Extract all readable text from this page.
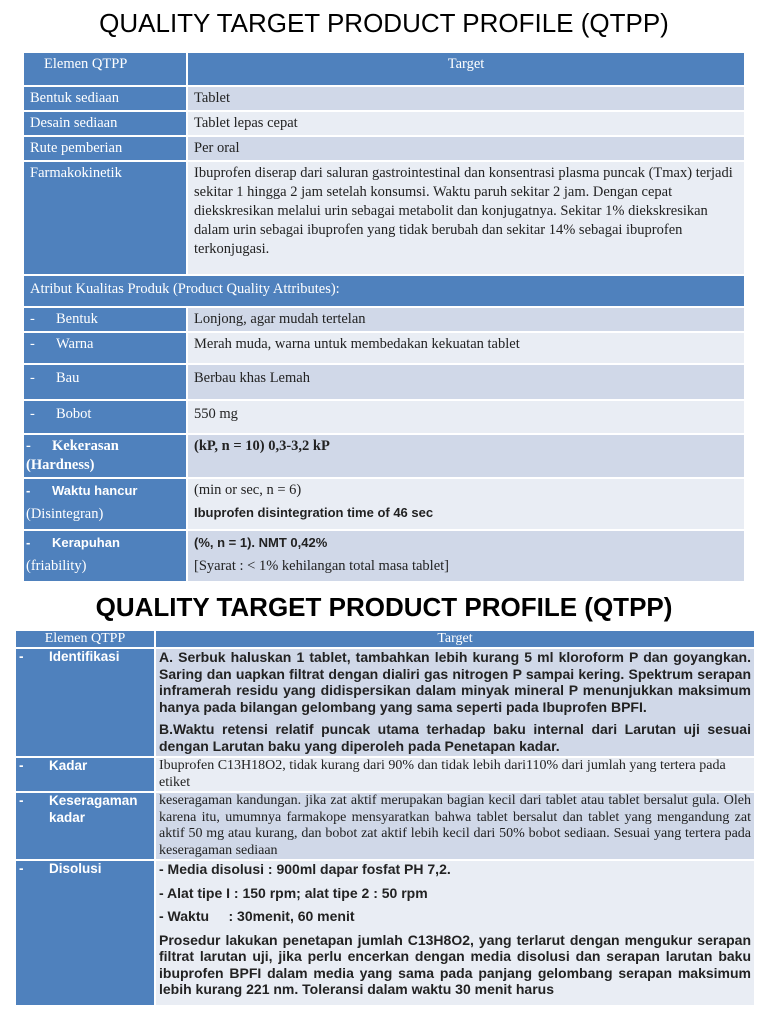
QUALITY TARGET PRODUCT PROFILE (QTPP)
Elemen QTPP	Target
Bentuk sediaan	Tablet
Desain sediaan	Tablet lepas cepat
Rute pemberian	Per oral
Farmakokinetik	Ibuprofen diserap dari saluran gastrointestinal dan konsentrasi plasma puncak (Tmax) terjadi sekitar 1 hingga 2 jam setelah konsumsi. Waktu paruh sekitar 2 jam. Dengan cepat diekskresikan melalui urin sebagai metabolit dan konjugatnya. Sekitar 1% diekskresikan dalam urin sebagai ibuprofen yang tidak berubah dan sekitar 14% sebagai ibuprofen terkonjugasi.
Atribut Kualitas Produk (Product Quality Attributes):	
- Bentuk	Lonjong, agar mudah tertelan
- Warna	Merah muda, warna untuk membedakan kekuatan tablet
- Bau	Berbau khas Lemah
- Bobot	550 mg
- Kekerasan
(Hardness)	(kP, n = 10) 0,3-3,2 kP
- Waktu hancur
(Disintegran)	(min or sec, n = 6)
Ibuprofen disintegration time of 46 sec
- Kerapuhan
(friability)	(%, n = 1). NMT 0,42%
[Syarat : < 1% kehilangan total masa tablet]
QUALITY TARGET PRODUCT PROFILE (QTPP)
Elemen QTPP	Target
- Identifikasi	A. Serbuk haluskan 1 tablet, tambahkan lebih kurang 5 ml kloroform P dan goyangkan. Saring dan uapkan filtrat dengan dialiri gas nitrogen P sampai kering. Spektrum serapan inframerah residu yang didispersikan dalam minyak mineral P menunjukkan maksimum hanya pada bilangan gelombang yang sama seperti pada Ibuprofen BPFI.

B.Waktu retensi relatif puncak utama terhadap baku internal dari Larutan uji sesuai dengan Larutan baku yang diperoleh pada Penetapan kadar.

- Kadar	Ibuprofen C13H18O2, tidak kurang dari 90% dan tidak lebih dari110% dari jumlah yang tertera pada etiket
- Keseragaman
kadar	keseragaman kandungan. jika zat aktif merupakan bagian kecil dari tablet atau tablet bersalut gula. Oleh karena itu, umumnya farmakope mensyaratkan bahwa tablet bersalut dan tablet yang mengandung zat aktif 50 mg atau kurang, dan bobot zat aktif lebih kecil dari 50% bobot sediaan. Sesuai yang tertera pada keseragaman sediaan
- Disolusi	- Media disolusi : 900ml dapar fosfat PH 7,2.

- Alat tipe I : 150 rpm; alat tipe 2 : 50 rpm

- Waktu     : 30menit, 60 menit

Prosedur lakukan penetapan jumlah C13H8O2, yang terlarut dengan mengukur serapan filtrat larutan uji, jika perlu encerkan dengan media disolusi dan serapan larutan baku ibuprofen BPFI dalam media yang sama pada panjang gelombang serapan maksimum lebih kurang 221 nm. Toleransi dalam waktu 30 menit harus
